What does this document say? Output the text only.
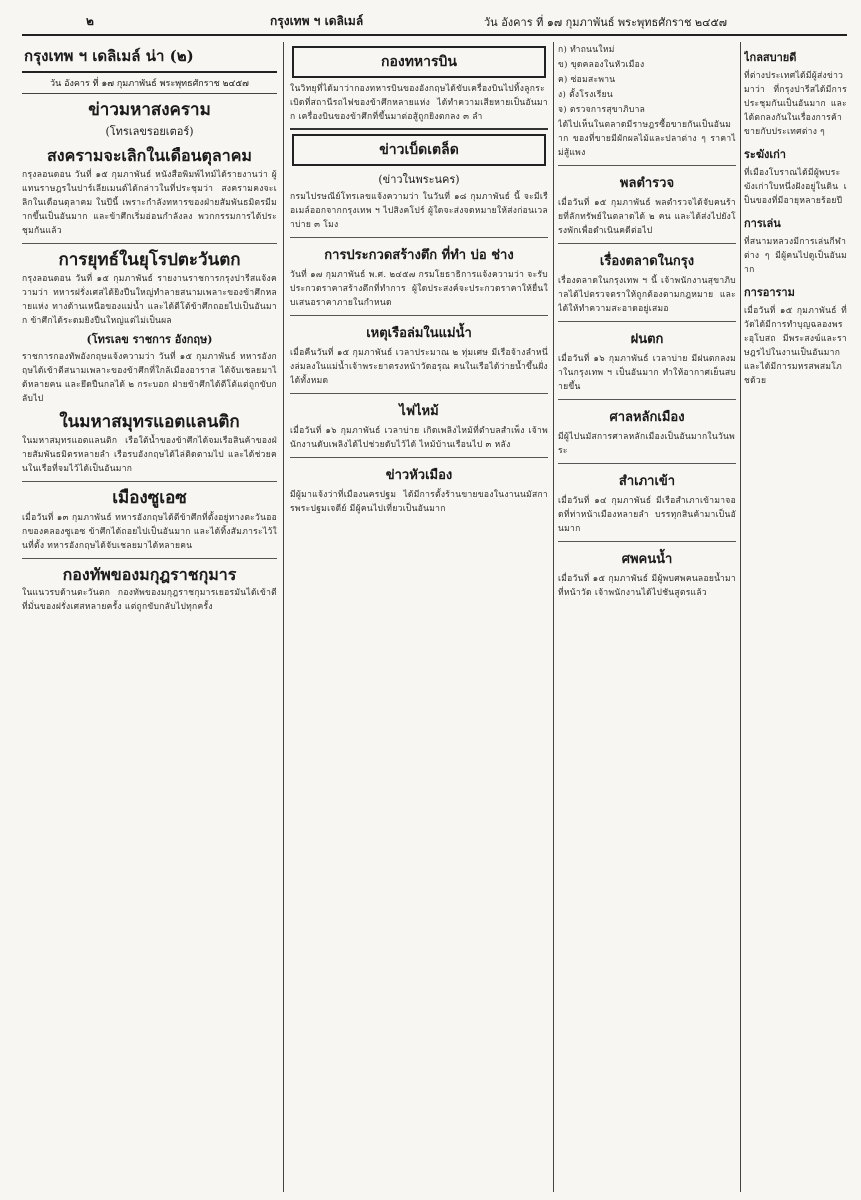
๒	กรุงเทพ ฯ เดลิเมล์	วัน อังคาร ที่ ๑๗ กุมภาพันธ์ พระพุทธศักราช ๒๔๕๗
กรุงเทพ ฯ เดลิเมล์ น่า (๒)
วัน อังคาร ที่ ๑๗ กุมภาพันธ์ พระพุทธศักราช ๒๔๕๗
ข่าวมหาสงคราม
(โทรเลขรอยเตอร์)
สงครามจะเลิกในเดือนตุลาคม

กรุงลอนดอน วันที่ ๑๕ กุมภาพันธ์ หนังสือพิมพ์ไทม์ได้รายงานว่า ผู้แทนราษฎรในปาร์เลียเมนต์ได้กล่าวในที่ประชุมว่า สงครามคงจะเลิกในเดือนตุลาคม ในปีนี้ เพราะกำลังทหารของฝ่ายสัมพันธมิตรมีมากขึ้นเป็นอันมาก และข้าศึกเริ่มอ่อนกำลังลง พวกกรรมการได้ประชุมกันแล้ว

การยุทธ์ในยุโรปตะวันตก

กรุงลอนดอน วันที่ ๑๕ กุมภาพันธ์ รายงานราชการกรุงปารีสแจ้งความว่า ทหารฝรั่งเศสได้ยิงปืนใหญ่ทำลายสนามเพลาะของข้าศึกหลายแห่ง ทางด้านเหนือของแม่น้ำ และได้ตีโต้ข้าศึกถอยไปเป็นอันมาก ข้าศึกได้ระดมยิงปืนใหญ่แต่ไม่เป็นผล

(โทรเลข ราชการ อังกฤษ)

ราชการกองทัพอังกฤษแจ้งความว่า วันที่ ๑๕ กุมภาพันธ์ ทหารอังกฤษได้เข้าตีสนามเพลาะของข้าศึกที่ใกล้เมืองอาราส ได้จับเชลยมาได้หลายคน และยึดปืนกลได้ ๒ กระบอก ฝ่ายข้าศึกได้ตีโต้แต่ถูกขับกลับไป

ในมหาสมุทรแอตแลนติก

ในมหาสมุทรแอตแลนติก เรือใต้น้ำของข้าศึกได้จมเรือสินค้าของฝ่ายสัมพันธมิตรหลายลำ เรือรบอังกฤษได้ไล่ติดตามไป และได้ช่วยคนในเรือที่จมไว้ได้เป็นอันมาก

เมืองซูเอซ

เมื่อวันที่ ๑๓ กุมภาพันธ์ ทหารอังกฤษได้ตีข้าศึกที่ตั้งอยู่ทางตะวันออกของคลองซูเอซ ข้าศึกได้ถอยไปเป็นอันมาก และได้ทิ้งสัมภาระไว้ในที่ตั้ง ทหารอังกฤษได้จับเชลยมาได้หลายคน

กองทัพของมกุฎราชกุมาร

ในแนวรบด้านตะวันตก กองทัพของมกุฎราชกุมารเยอรมันได้เข้าตีที่มั่นของฝรั่งเศสหลายครั้ง แต่ถูกขับกลับไปทุกครั้ง

กองทหารบิน

ในวิทยุที่ได้มาว่ากองทหารบินของอังกฤษได้ขับเครื่องบินไปทิ้งลูกระเบิดที่สถานีรถไฟของข้าศึกหลายแห่ง ได้ทำความเสียหายเป็นอันมาก เครื่องบินของข้าศึกที่ขึ้นมาต่อสู้ถูกยิงตกลง ๓ ลำ

ข่าวเบ็ดเตล็ด
(ข่าวในพระนคร)

กรมไปรษณีย์โทรเลขแจ้งความว่า ในวันที่ ๑๘ กุมภาพันธ์ นี้ จะมีเรือเมล์ออกจากกรุงเทพ ฯ ไปสิงคโปร์ ผู้ใดจะส่งจดหมายให้ส่งก่อนเวลาบ่าย ๓ โมง

การประกวดสร้างตึก ที่ทำ บ่อ ช่าง

วันที่ ๑๗ กุมภาพันธ์ พ.ศ. ๒๔๕๗ กรมโยธาธิการแจ้งความว่า จะรับประกวดราคาสร้างตึกที่ทำการ ผู้ใดประสงค์จะประกวดราคาให้ยื่นใบเสนอราคาภายในกำหนด

เหตุเรือล่มในแม่น้ำ

เมื่อคืนวันที่ ๑๕ กุมภาพันธ์ เวลาประมาณ ๒ ทุ่มเศษ มีเรือจ้างลำหนึ่งล่มลงในแม่น้ำเจ้าพระยาตรงหน้าวัดอรุณ คนในเรือได้ว่ายน้ำขึ้นฝั่งได้ทั้งหมด

ไฟไหม้

เมื่อวันที่ ๑๖ กุมภาพันธ์ เวลาบ่าย เกิดเพลิงไหม้ที่ตำบลสำเพ็ง เจ้าพนักงานดับเพลิงได้ไปช่วยดับไว้ได้ ไหม้บ้านเรือนไป ๓ หลัง

ข่าวหัวเมือง

มีผู้มาแจ้งว่าที่เมืองนครปฐม ได้มีการตั้งร้านขายของในงานนมัสการพระปฐมเจดีย์ มีผู้คนไปเที่ยวเป็นอันมาก

ก) ทำถนนใหม่
ข) ขุดคลองในหัวเมือง
ค) ซ่อมสะพาน
ง) ตั้งโรงเรียน
จ) ตรวจการสุขาภิบาล

ได้ไปเห็นในตลาดมีราษฎรซื้อขายกันเป็นอันมาก ของที่ขายมีผักผลไม้และปลาต่าง ๆ ราคาไม่สู้แพง

พลตำรวจ

เมื่อวันที่ ๑๕ กุมภาพันธ์ พลตำรวจได้จับคนร้ายที่ลักทรัพย์ในตลาดได้ ๒ คน และได้ส่งไปยังโรงพักเพื่อดำเนินคดีต่อไป

เรื่องตลาดในกรุง

เรื่องตลาดในกรุงเทพ ฯ นี้ เจ้าพนักงานสุขาภิบาลได้ไปตรวจตราให้ถูกต้องตามกฎหมาย และได้ให้ทำความสะอาดอยู่เสมอ

ฝนตก

เมื่อวันที่ ๑๖ กุมภาพันธ์ เวลาบ่าย มีฝนตกลงมาในกรุงเทพ ฯ เป็นอันมาก ทำให้อากาศเย็นสบายขึ้น

ศาลหลักเมือง

มีผู้ไปนมัสการศาลหลักเมืองเป็นอันมากในวันพระ

สำเภาเข้า

เมื่อวันที่ ๑๔ กุมภาพันธ์ มีเรือสำเภาเข้ามาจอดที่ท่าหน้าเมืองหลายลำ บรรทุกสินค้ามาเป็นอันมาก

ศพคนน้ำ

เมื่อวันที่ ๑๕ กุมภาพันธ์ มีผู้พบศพคนลอยน้ำมาที่หน้าวัด เจ้าพนักงานได้ไปชันสูตรแล้ว

ไกลสบายดี

ที่ต่างประเทศได้มีผู้ส่งข่าวมาว่า ที่กรุงปารีสได้มีการประชุมกันเป็นอันมาก และได้ตกลงกันในเรื่องการค้าขายกับประเทศต่าง ๆ

ระฆังเก่า

ที่เมืองโบราณได้มีผู้พบระฆังเก่าใบหนึ่งฝังอยู่ในดิน เป็นของที่มีอายุหลายร้อยปี

การเล่น

ที่สนามหลวงมีการเล่นกีฬาต่าง ๆ มีผู้คนไปดูเป็นอันมาก

การอาราม

เมื่อวันที่ ๑๕ กุมภาพันธ์ ที่วัดได้มีการทำบุญฉลองพระอุโบสถ มีพระสงฆ์และราษฎรไปในงานเป็นอันมาก และได้มีการมหรสพสมโภชด้วย
